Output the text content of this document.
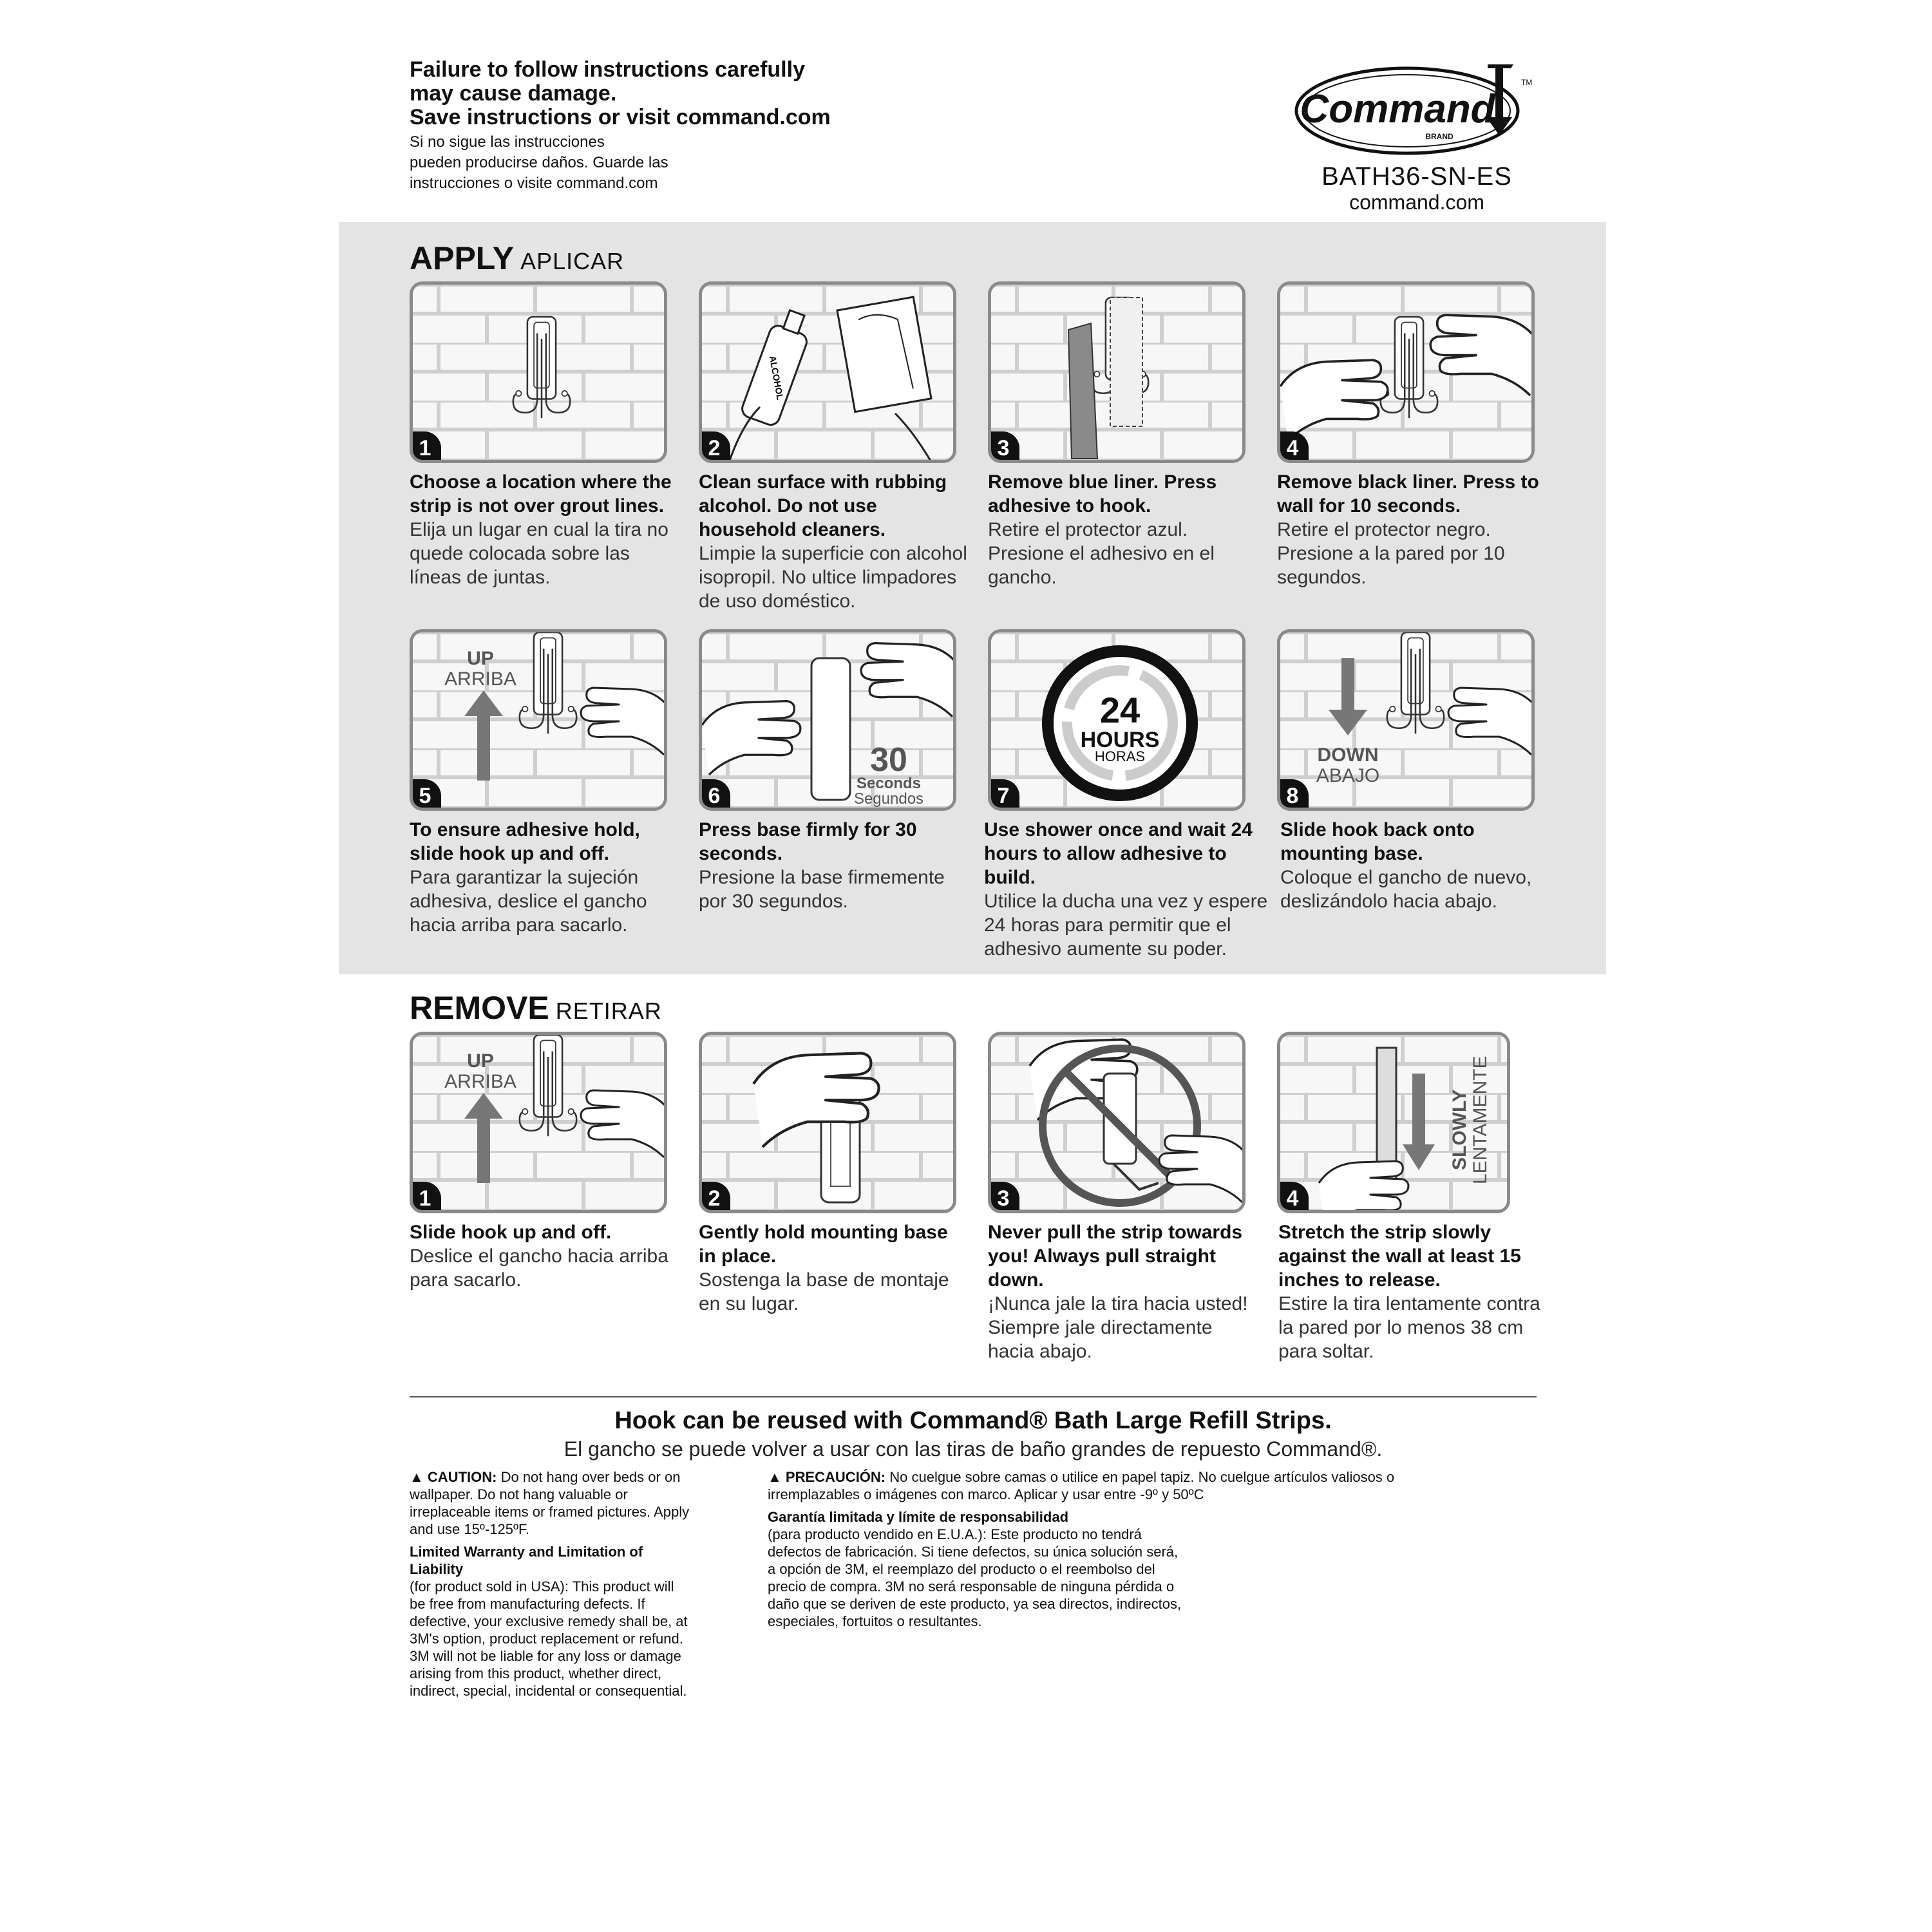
Failure to follow instructions carefully
may cause damage.
Save instructions or visit command.com
Si no sigue las instrucciones
pueden producirse daños. Guarde las
instrucciones o visite command.com
Command
BRAND
TM
BATH36-SN-ES
command.com
APPLY APLICAR
1
ALCOHOL
2	3	4
Choose a location where the strip is not over grout lines.
Elija un lugar en cual la tira no quede colocada sobre las líneas de juntas.
Clean surface with rubbing alcohol. Do not use household cleaners.
Limpie la superficie con alcohol isopropil. No ultice limpadores de uso doméstico.
Remove blue liner. Press adhesive to hook.
Retire el protector azul. Presione el adhesivo en el gancho.
Remove black liner. Press to wall for 10 seconds.
Retire el protector negro. Presione a la pared por 10 segundos.
UP
ARRIBA
5
30
Seconds
Segundos
6
24
HOURS
HORAS
7
DOWN
ABAJO
8
To ensure adhesive hold, slide hook up and off.
Para garantizar la sujeción adhesiva, deslice el gancho hacia arriba para sacarlo.
Press base firmly for 30 seconds.
Presione la base firmemente por 30 segundos.
Use shower once and wait 24 hours to allow adhesive to build.
Utilice la ducha una vez y espere 24 horas para permitir que el adhesivo aumente su poder.
Slide hook back onto mounting base.
Coloque el gancho de nuevo, deslizándolo hacia abajo.
REMOVE RETIRAR
UP
ARRIBA
1	2	3
SLOWLY LENTAMENTE
4
Slide hook up and off.
Deslice el gancho hacia arriba para sacarlo.
Gently hold mounting base in place.
Sostenga la base de montaje en su lugar.
Never pull the strip towards you! Always pull straight down.
¡Nunca jale la tira hacia usted! Siempre jale directamente hacia abajo.
Stretch the strip slowly against the wall at least 15 inches to release.
Estire la tira lentamente contra la pared por lo menos 38 cm para soltar.
Hook can be reused with Command® Bath Large Refill Strips.
El gancho se puede volver a usar con las tiras de baño grandes de repuesto Command®.
▲ CAUTION: Do not hang over beds or on wallpaper. Do not hang valuable or irreplaceable items or framed pictures. Apply and use 15º-125ºF.
Limited Warranty and Limitation of Liability
(for product sold in USA): This product will be free from manufacturing defects. If defective, your exclusive remedy shall be, at 3M's option, product replacement or refund. 3M will not be liable for any loss or damage arising from this product, whether direct, indirect, special, incidental or consequential.
▲ PRECAUCIÓN: No cuelgue sobre camas o utilice en papel tapiz. No cuelgue artículos valiosos o irremplazables o imágenes con marco. Aplicar y usar entre -9º y 50ºC
Garantía limitada y límite de responsabilidad
(para producto vendido en E.U.A.): Este producto no tendrá defectos de fabricación. Si tiene defectos, su única solución será, a opción de 3M, el reemplazo del producto o el reembolso del precio de compra. 3M no será responsable de ninguna pérdida o daño que se deriven de este producto, ya sea directos, indirectos, especiales, fortuitos o resultantes.
